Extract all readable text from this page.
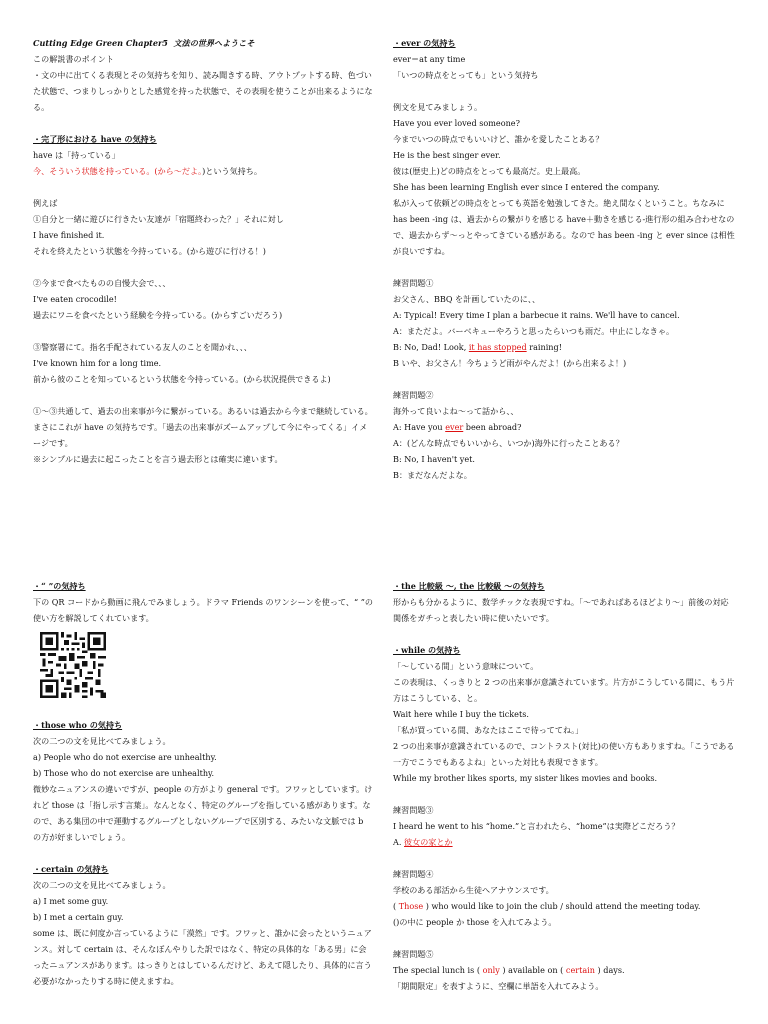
Cutting Edge Green Chapter5  文法の世界へようこそ

この解説書のポイント

・文の中に出てくる表現とその気持ちを知り、読み聞きする時、アウトプットする時、色づいた状態で、つまりしっかりとした感覚を持った状態で、その表現を使うことが出来るようになる。

・完了形における have の気持ち

have は「持っている」

今、そういう状態を持っている。(から～だよ。)という気持ち。

例えば

①自分と一緒に遊びに行きたい友達が「宿題終わった？」それに対し

I have finished it.

それを終えたという状態を今持っている。(から遊びに行ける！)

②今まで食べたものの自慢大会で、、、

I've eaten crocodile!

過去にワニを食べたという経験を今持っている。(からすごいだろう)

③警察署にて。指名手配されている友人のことを聞かれ、、、

I've known him for a long time.

前から彼のことを知っているという状態を今持っている。(から状況提供できるよ)

①～③共通して、過去の出来事が今に繋がっている。あるいは過去から今まで継続している。まさにこれが have の気持ちです。「過去の出来事がズームアップして今にやってくる」イメージです。

※シンプルに過去に起こったことを言う過去形とは確実に違います。

・ever の気持ち

ever＝at any time

「いつの時点をとっても」という気持ち

例文を見てみましょう。

Have you ever loved someone?

今までいつの時点でもいいけど、誰かを愛したことある？

He is the best singer ever.

彼は(歴史上)どの時点をとっても最高だ。史上最高。

She has been learning English ever since I entered the company.

私が入って依頼どの時点をとっても英語を勉強してきた。絶え間なくということ。ちなみに has been -ing は、過去からの繋がりを感じる have＋動きを感じる-進行形の組み合わせなので、過去からず～っとやってきている感がある。なので has been -ing と ever since は相性が良いですね。

練習問題①

お父さん、BBQ を計画していたのに、、

A: Typical! Every time I plan a barbecue it rains. We'll have to cancel.

A：まただよ。バーベキューやろうと思ったらいつも雨だ。中止にしなきゃ。

B: No, Dad! Look, it has stopped raining!

B いや、お父さん！今ちょうど雨がやんだよ！(から出来るよ！)

練習問題②

海外って良いよね～って話から、、

A: Have you ever been abroad?

A：(どんな時点でもいいから、いつか)海外に行ったことある？

B: No, I haven't yet.

B：まだなんだよな。

・“ ”の気持ち

下の QR コードから動画に飛んでみましょう。ドラマ Friends のワンシーンを使って、“ ”の使い方を解説してくれています。

・those who の気持ち

次の二つの文を見比べてみましょう。

a) People who do not exercise are unhealthy.

b) Those who do not exercise are unhealthy.

微妙なニュアンスの違いですが、people の方がより general です。フワッとしています。けれど those は「指し示す言葉」。なんとなく、特定のグループを指している感があります。なので、ある集団の中で運動するグループとしないグループで区別する、みたいな文脈では b の方が好ましいでしょう。

・certain の気持ち

次の二つの文を見比べてみましょう。

a) I met some guy.

b) I met a certain guy.

some は、既に何度か言っているように「漠然」です。フワッと、誰かに会ったというニュアンス。対して certain は、そんなぼんやりした訳ではなく、特定の具体的な「ある男」に会ったニュアンスがあります。はっきりとはしているんだけど、あえて隠したり、具体的に言う必要がなかったりする時に使えますね。

・the 比較級 ～, the 比較級 ～の気持ち

形からも分かるように、数学チックな表現ですね。「～であればあるほどより～」前後の対応関係をガチっと表したい時に使いたいです。

・while の気持ち

「～している間」という意味について。

この表現は、くっきりと 2 つの出来事が意識されています。片方がこうしている間に、もう片方はこうしている、と。

Wait here while I buy the tickets.

「私が買っている間、あなたはここで待っててね。」

2 つの出来事が意識されているので、コントラスト(対比)の使い方もありますね。「こうである一方でこうでもあるよね」といった対比も表現できます。

While my brother likes sports, my sister likes movies and books.

練習問題③

I heard he went to his “home.”と言われたら、“home”は実際どこだろう？

A. 彼女の家とか

練習問題④

学校のある部活から生徒へアナウンスです。

( Those ) who would like to join the club / should attend the meeting today.

()の中に people か those を入れてみよう。

練習問題⑤

The special lunch is ( only ) available on ( certain ) days.

「期間限定」を表すように、空欄に単語を入れてみよう。
